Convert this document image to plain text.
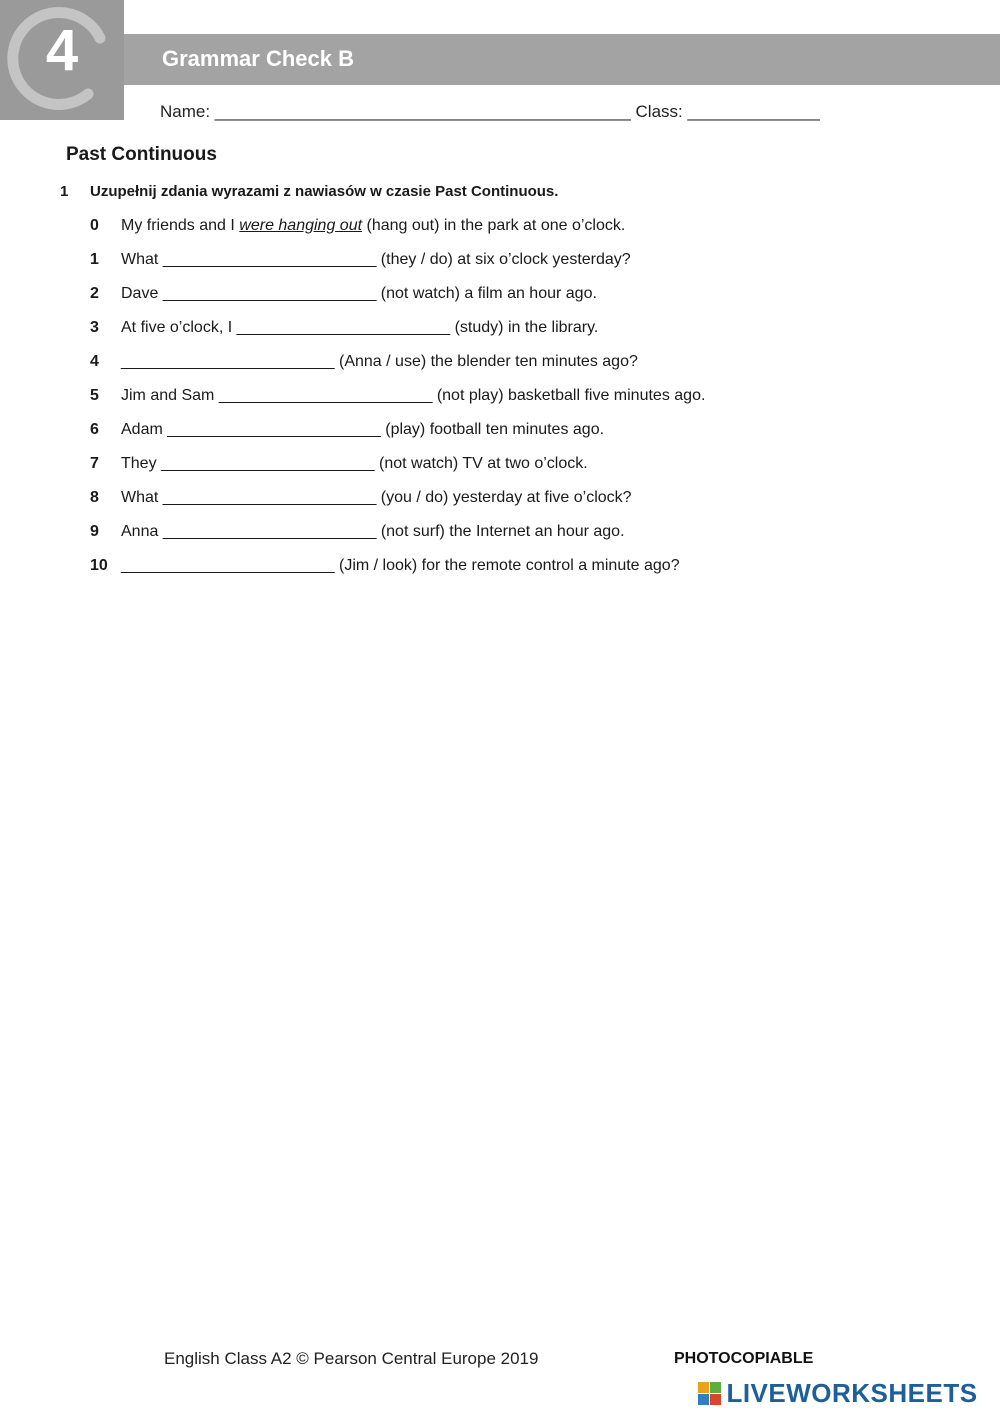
4	Grammar Check B
Name: ____________________________________________ Class: ______________
Past Continuous
1 Uzupełnij zdania wyrazami z nawiasów w czasie Past Continuous.
0 My friends and I were hanging out (hang out) in the park at one o’clock.
1 What ________________________ (they / do) at six o’clock yesterday?
2 Dave ________________________ (not watch) a film an hour ago.
3 At five o’clock, I ________________________ (study) in the library.
4 ________________________ (Anna / use) the blender ten minutes ago?
5 Jim and Sam ________________________ (not play) basketball five minutes ago.
6 Adam ________________________ (play) football ten minutes ago.
7 They ________________________ (not watch) TV at two o’clock.
8 What ________________________ (you / do) yesterday at five o’clock?
9 Anna ________________________ (not surf) the Internet an hour ago.
10 ________________________ (Jim / look) for the remote control a minute ago?
English Class A2 © Pearson Central Europe 2019	PHOTOCOPIABLE
LIVEWORKSHEETS
